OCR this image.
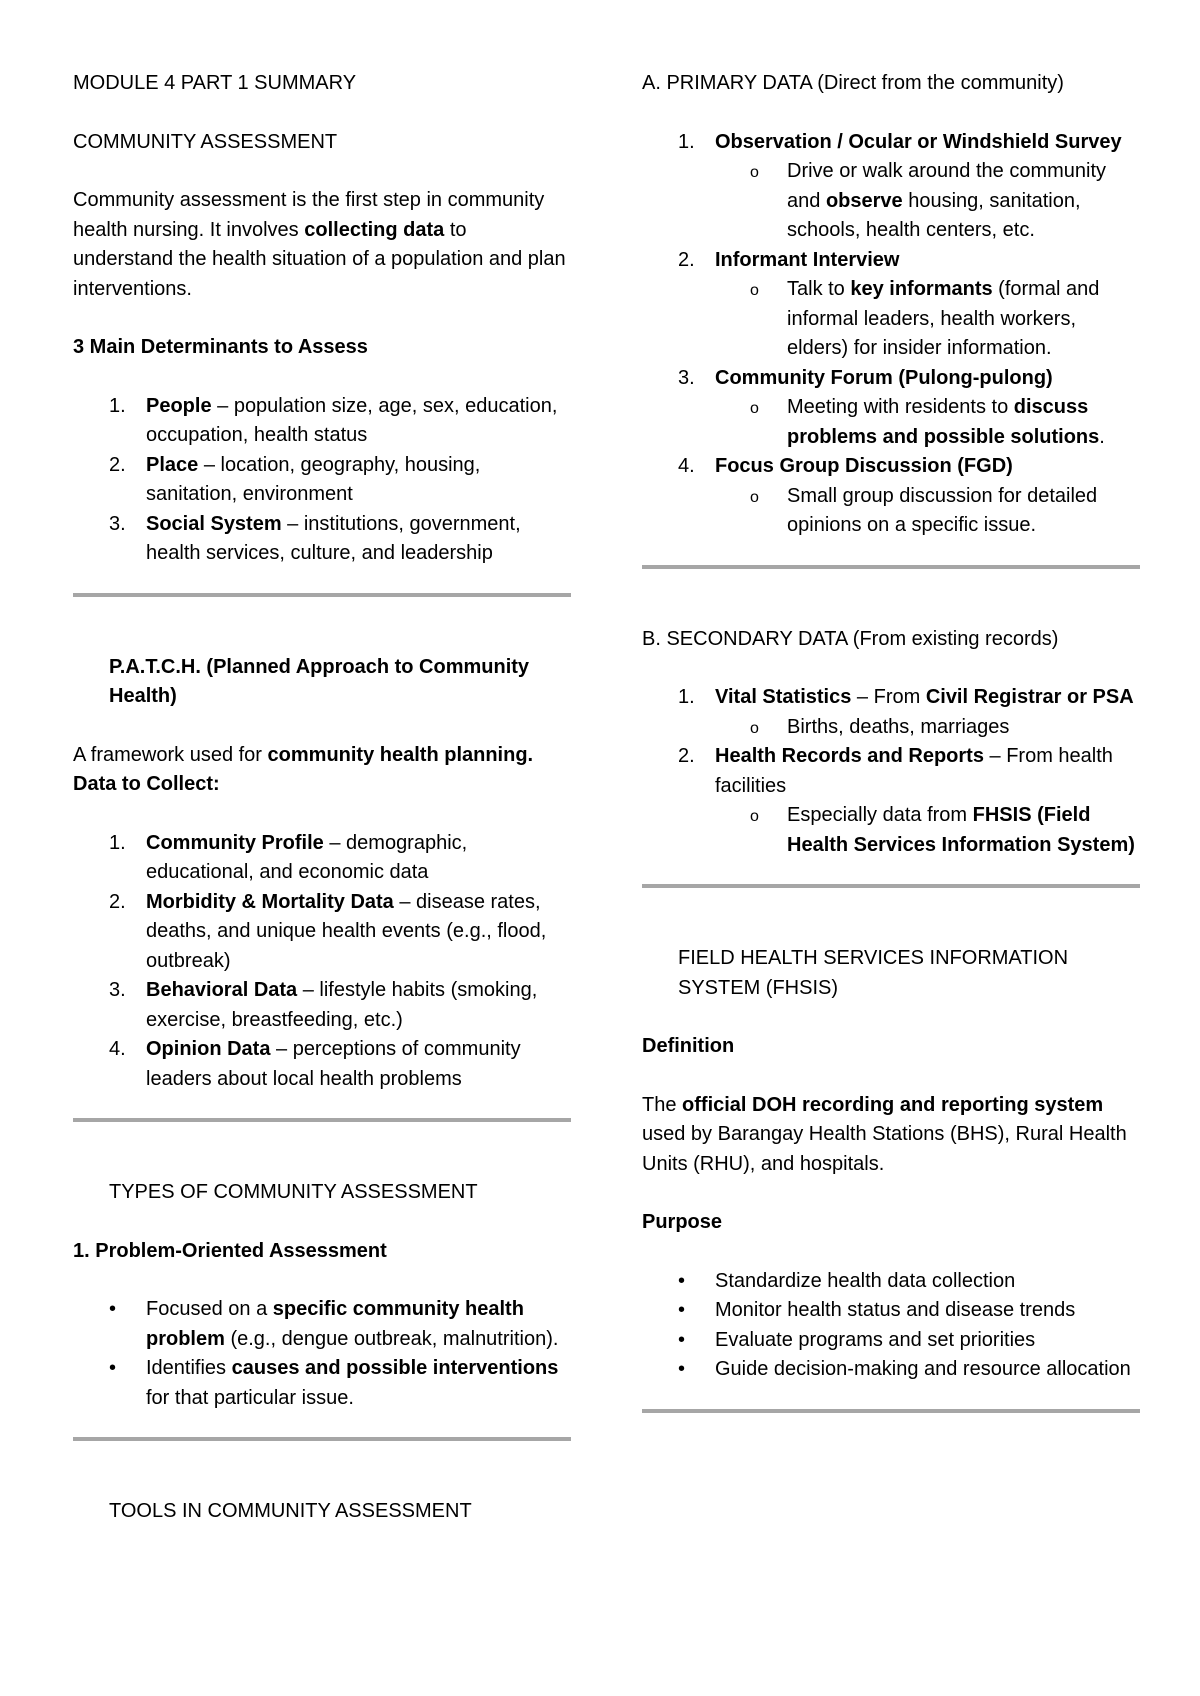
MODULE 4 PART 1 SUMMARY

COMMUNITY ASSESSMENT

Community assessment is the first step in community health nursing. It involves collecting data to understand the health situation of a population and plan interventions.

3 Main Determinants to Assess

1.	People – population size, age, sex, education, occupation, health status
2.	Place – location, geography, housing, sanitation, environment
3.	Social System – institutions, government, health services, culture, and leadership

P.A.T.C.H. (Planned Approach to Community Health)

A framework used for community health planning.

Data to Collect:

1.	Community Profile – demographic, educational, and economic data
2.	Morbidity & Mortality Data – disease rates, deaths, and unique health events (e.g., flood, outbreak)
3.	Behavioral Data – lifestyle habits (smoking, exercise, breastfeeding, etc.)
4.	Opinion Data – perceptions of community leaders about local health problems

TYPES OF COMMUNITY ASSESSMENT

1. Problem-Oriented Assessment

•	Focused on a specific community health problem (e.g., dengue outbreak, malnutrition).
•	Identifies causes and possible interventions for that particular issue.

TOOLS IN COMMUNITY ASSESSMENT

A. PRIMARY DATA (Direct from the community)

1.	Observation / Ocular or Windshield Survey
o Drive or walk around the community and observe housing, sanitation, schools, health centers, etc.
2.	Informant Interview
o Talk to key informants (formal and informal leaders, health workers, elders) for insider information.
3.	Community Forum (Pulong-pulong)
o Meeting with residents to discuss problems and possible solutions.
4.	Focus Group Discussion (FGD)
o Small group discussion for detailed opinions on a specific issue.

B. SECONDARY DATA (From existing records)

1.	Vital Statistics – From Civil Registrar or PSA
o Births, deaths, marriages
2.	Health Records and Reports – From health facilities
o Especially data from FHSIS (Field Health Services Information System)

FIELD HEALTH SERVICES INFORMATION SYSTEM (FHSIS)

Definition

The official DOH recording and reporting system used by Barangay Health Stations (BHS), Rural Health Units (RHU), and hospitals.

Purpose

•	Standardize health data collection
•	Monitor health status and disease trends
•	Evaluate programs and set priorities
•	Guide decision-making and resource allocation
